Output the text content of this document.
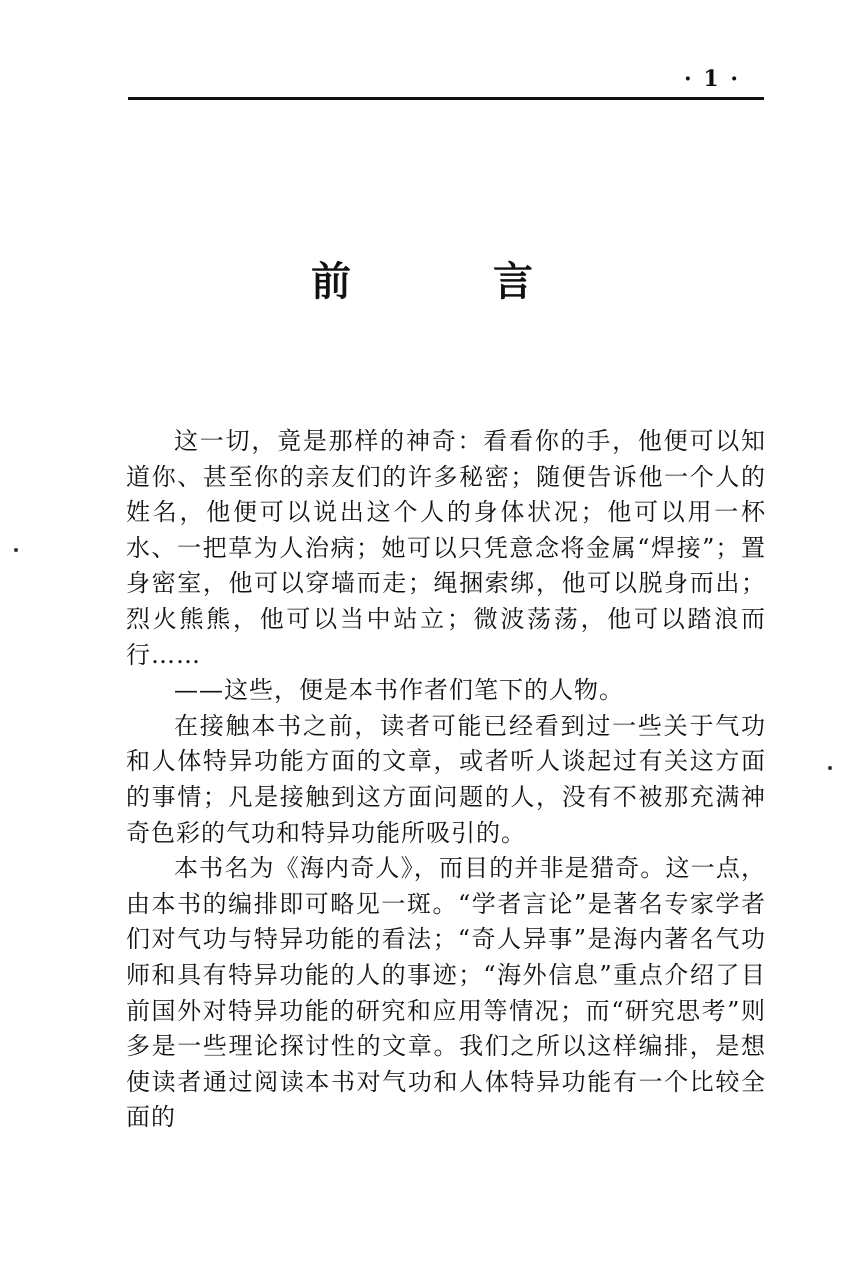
· 1 ·
前 言

这一切，竟是那样的神奇：看看你的手，他便可以知道你、甚至你的亲友们的许多秘密；随便告诉他一个人的姓名，他便可以说出这个人的身体状况；他可以用一杯水、一把草为人治病；她可以只凭意念将金属“焊接”；置身密室，他可以穿墙而走；绳捆索绑，他可以脱身而出；烈火熊熊，他可以当中站立；微波荡荡，他可以踏浪而行……

——这些，便是本书作者们笔下的人物。

在接触本书之前，读者可能已经看到过一些关于气功和人体特异功能方面的文章，或者听人谈起过有关这方面的事情；凡是接触到这方面问题的人，没有不被那充满神奇色彩的气功和特异功能所吸引的。

本书名为《海内奇人》，而目的并非是猎奇。这一点，由本书的编排即可略见一斑。“学者言论”是著名专家学者们对气功与特异功能的看法；“奇人异事”是海内著名气功师和具有特异功能的人的事迹；“海外信息”重点介绍了目前国外对特异功能的研究和应用等情况；而“研究思考”则多是一些理论探讨性的文章。我们之所以这样编排，是想使读者通过阅读本书对气功和人体特异功能有一个比较全面的
